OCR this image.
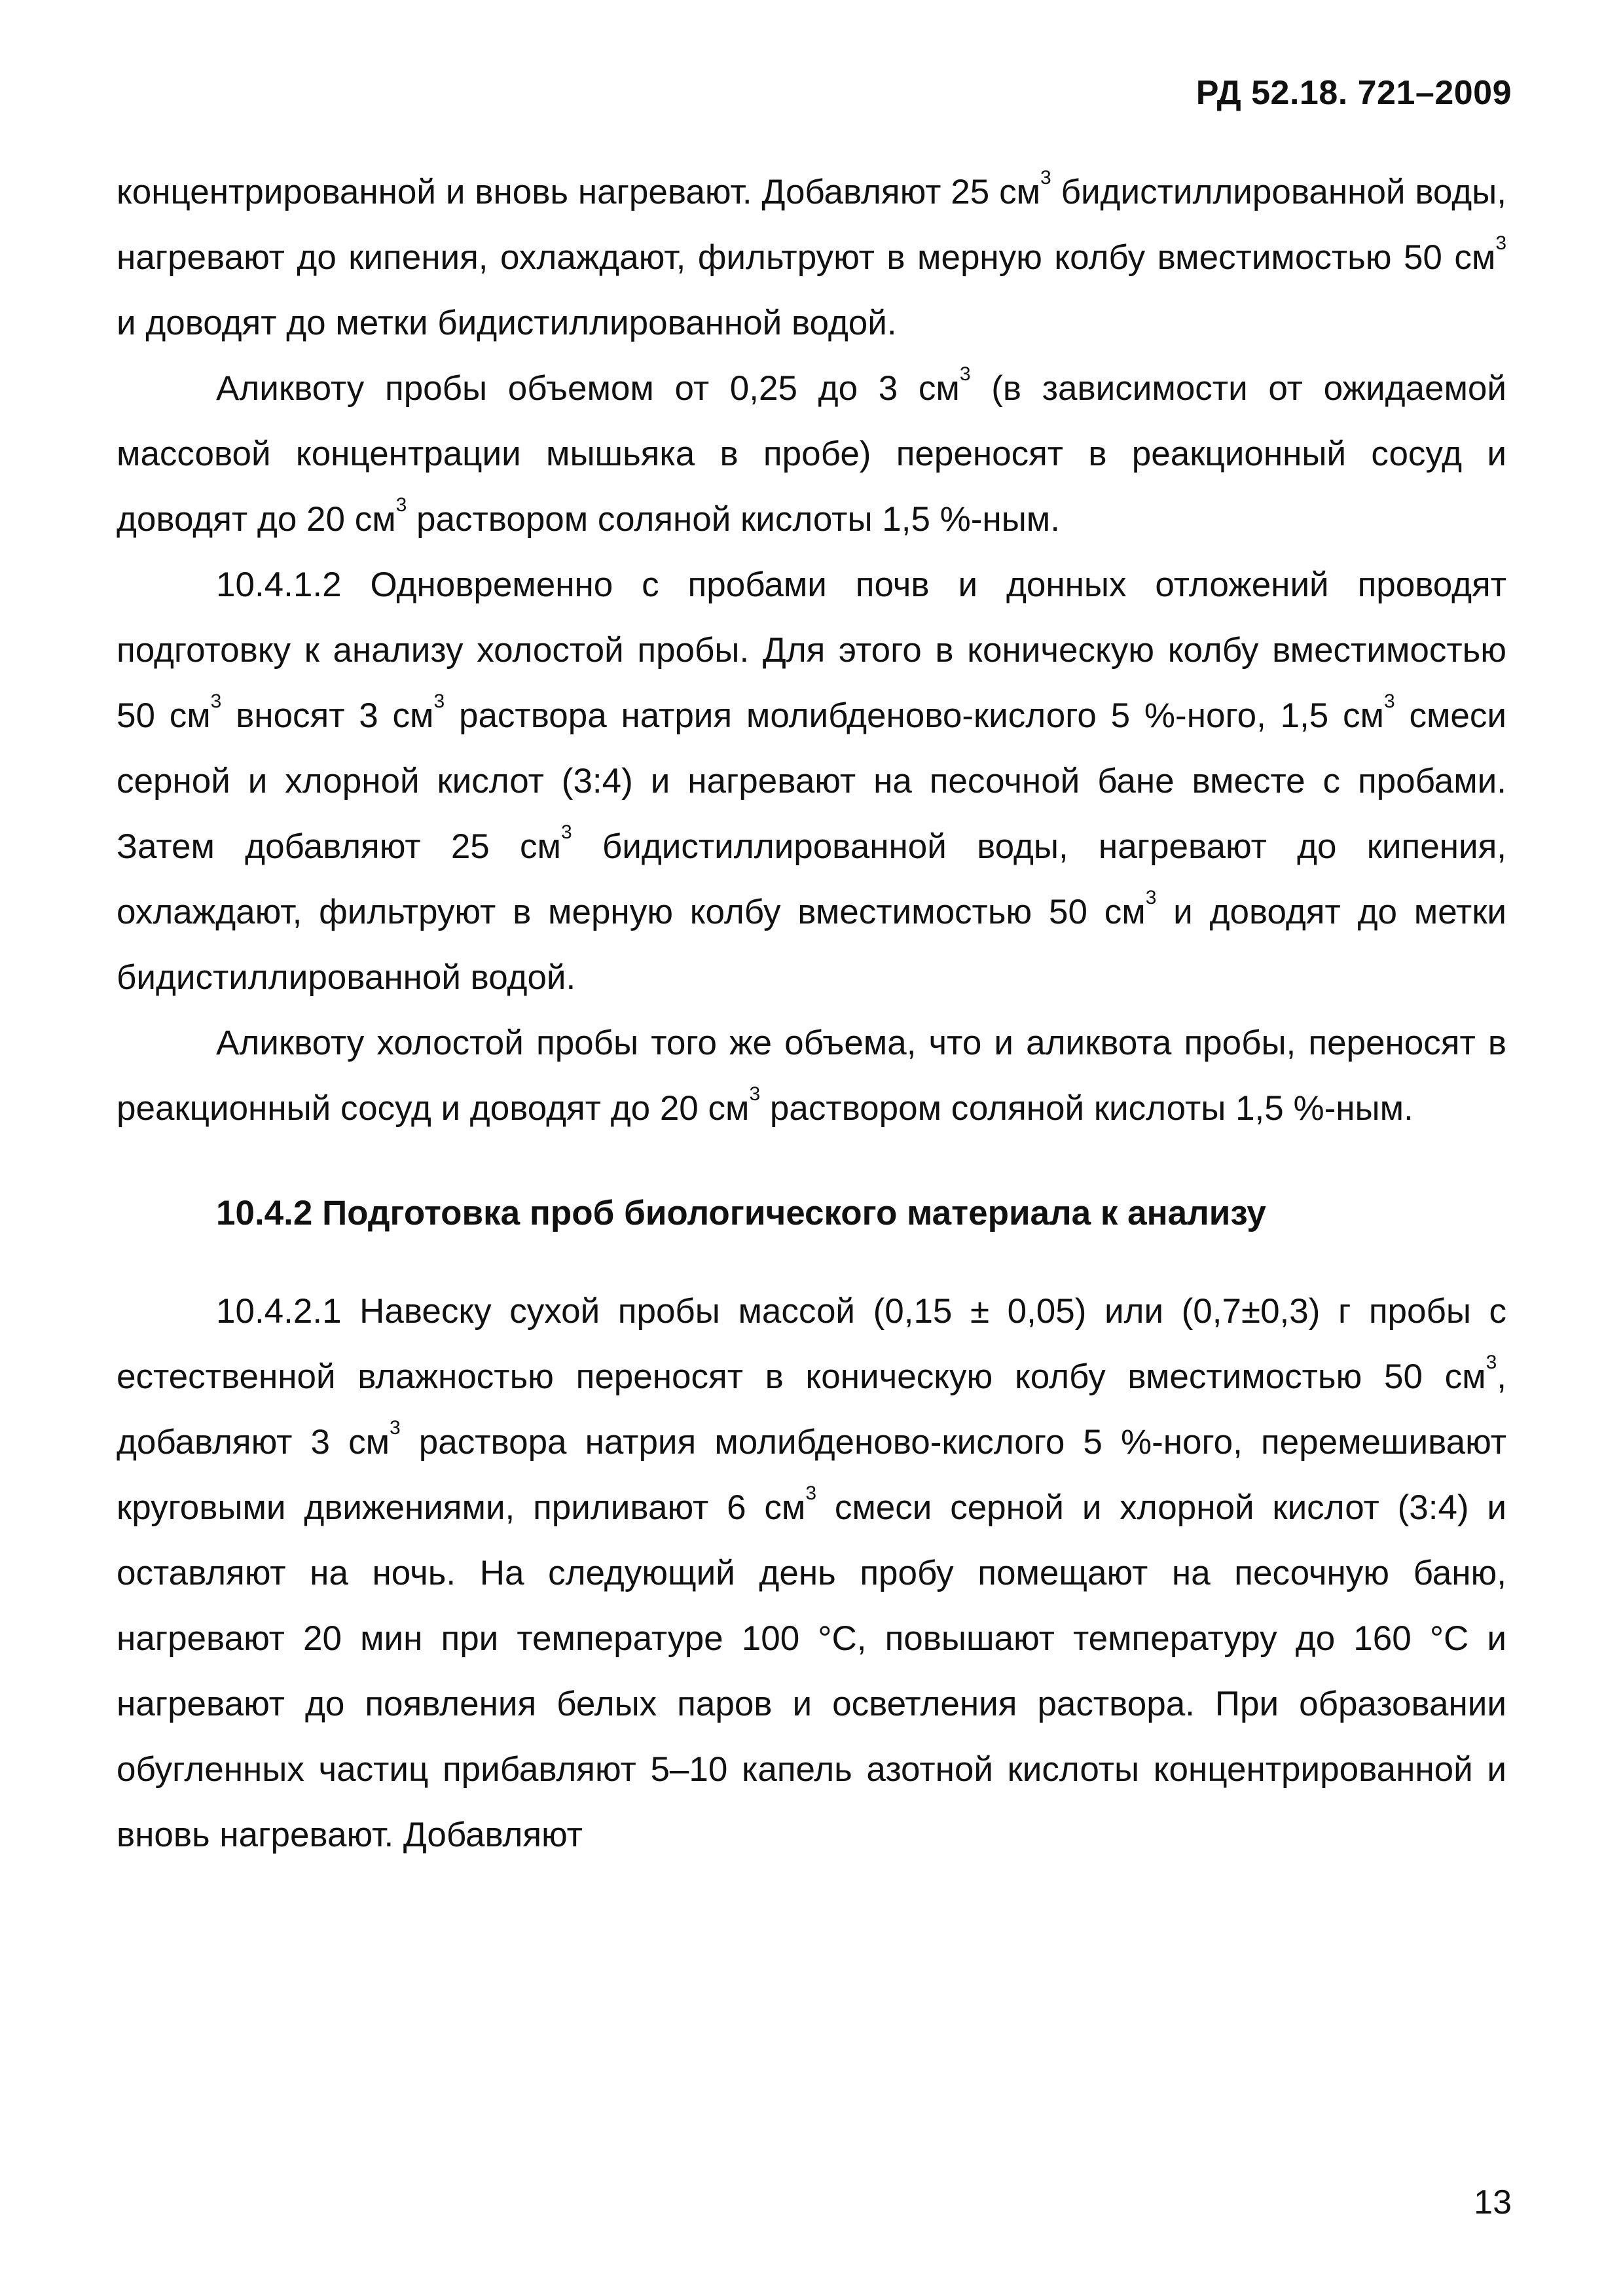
РД 52.18. 721–2009

концентрированной и вновь нагревают. Добавляют 25 $см^3$ бидистиллированной воды, нагревают до кипения, охлаждают, фильтруют в мерную колбу вместимостью 50 $см^3$ и доводят до метки бидистиллированной водой.

Аликвоту пробы объемом от 0,25 до 3 $см^3$ (в зависимости от ожидаемой массовой концентрации мышьяка в пробе) переносят в реакционный сосуд и доводят до 20 $см^3$ раствором соляной кислоты 1,5 %-ным.

10.4.1.2 Одновременно с пробами почв и донных отложений проводят подготовку к анализу холостой пробы. Для этого в коническую колбу вместимостью 50 $см^3$ вносят 3 $см^3$ раствора натрия молибденово-кислого 5 %-ного, 1,5 $см^3$ смеси серной и хлорной кислот (3:4) и нагревают на песочной бане вместе с пробами. Затем добавляют 25 $см^3$ бидистиллированной воды, нагревают до кипения, охлаждают, фильтруют в мерную колбу вместимостью 50 $см^3$ и доводят до метки бидистиллированной водой.

Аликвоту холостой пробы того же объема, что и аликвота пробы, переносят в реакционный сосуд и доводят до 20 $см^3$ раствором соляной кислоты 1,5 %-ным.

10.4.2 Подготовка проб биологического материала к анализу

10.4.2.1 Навеску сухой пробы массой (0,15 ± 0,05) или (0,7±0,3) г пробы с естественной влажностью переносят в коническую колбу вместимостью 50 $см^3$, добавляют 3 $см^3$ раствора натрия молибденово-кислого 5 %-ного, перемешивают круговыми движениями, приливают 6 $см^3$ смеси серной и хлорной кислот (3:4) и оставляют на ночь. На следующий день пробу помещают на песочную баню, нагревают 20 мин при температуре 100 °С, повышают температуру до 160 °С и нагревают до появления белых паров и осветления раствора. При образовании обугленных частиц прибавляют 5–10 капель азотной кислоты концентрированной и вновь нагревают. Добавляют

13
